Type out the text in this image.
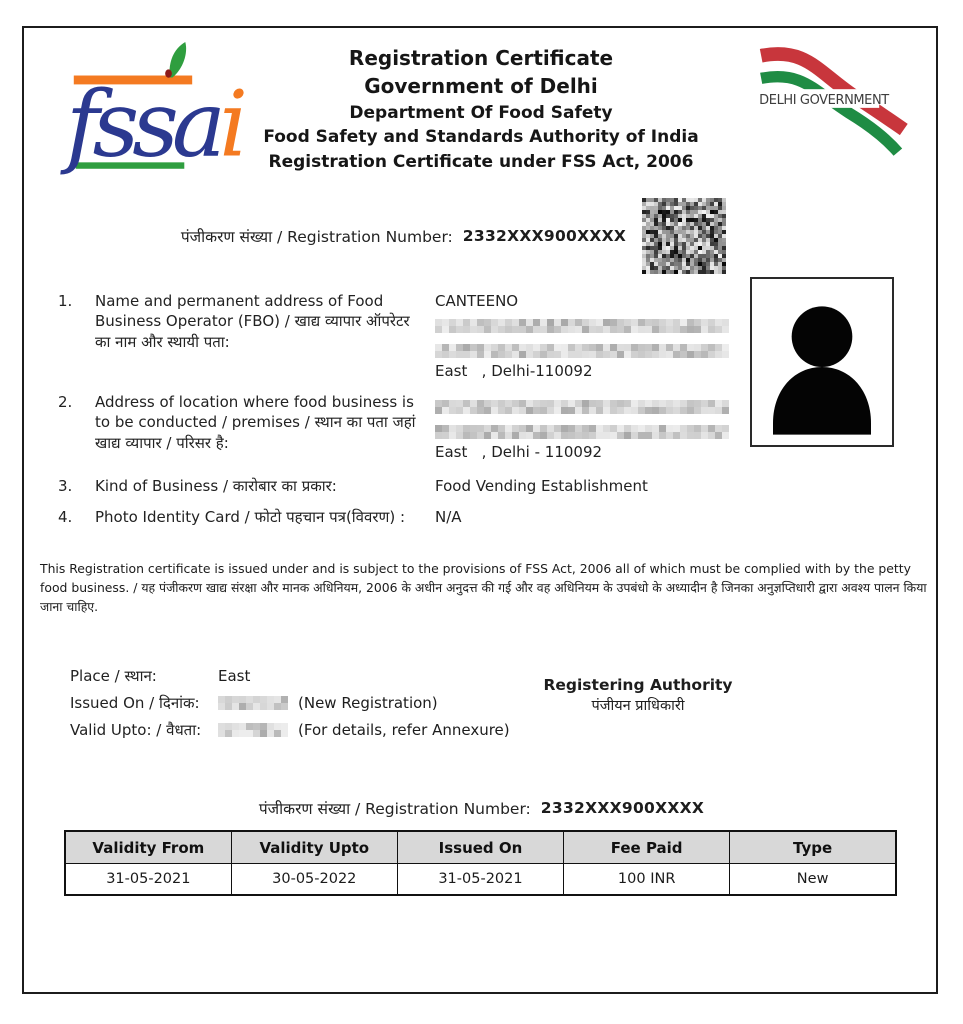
fssai
Registration Certificate
Government of Delhi
Department Of Food Safety
Food Safety and Standards Authority of India
Registration Certificate under FSS Act, 2006
DELHI GOVERNMENT
पंजीकरण संख्या / Registration Number: 2332XXX900XXXX
1.	Name and permanent address of Food Business Operator (FBO) / खाद्य व्यापार ऑपरेटर का नाम और स्थायी पता:
CANTEENO

East   , Delhi-110092
2.	Address of location where food business is to be conducted / premises / स्थान का पता जहां खाद्य व्यापार / परिसर है:

East   , Delhi - 110092
3.	Kind of Business / कारोबार का प्रकार:	Food Vending Establishment
4.	Photo Identity Card / फोटो पहचान पत्र(विवरण) :	N/A
This Registration certificate is issued under and is subject to the provisions of FSS Act, 2006 all of which must be complied with by the petty food business. / यह पंजीकरण खाद्य संरक्षा और मानक अधिनियम, 2006 के अधीन अनुदत्त की गई और वह अधिनियम के उपबंधो के अध्यादीन है जिनका अनुज्ञप्तिधारी द्वारा अवश्य पालन किया जाना चाहिए.
Place / स्थान:	East
Issued On / दिनांक:	(New Registration)
Valid Upto: / वैधता:	(For details, refer Annexure)
Registering Authority
पंजीयन प्राधिकारी
पंजीकरण संख्या / Registration Number: 2332XXX900XXXX
Validity From	Validity Upto	Issued On	Fee Paid	Type
31-05-2021	30-05-2022	31-05-2021	100 INR	New
